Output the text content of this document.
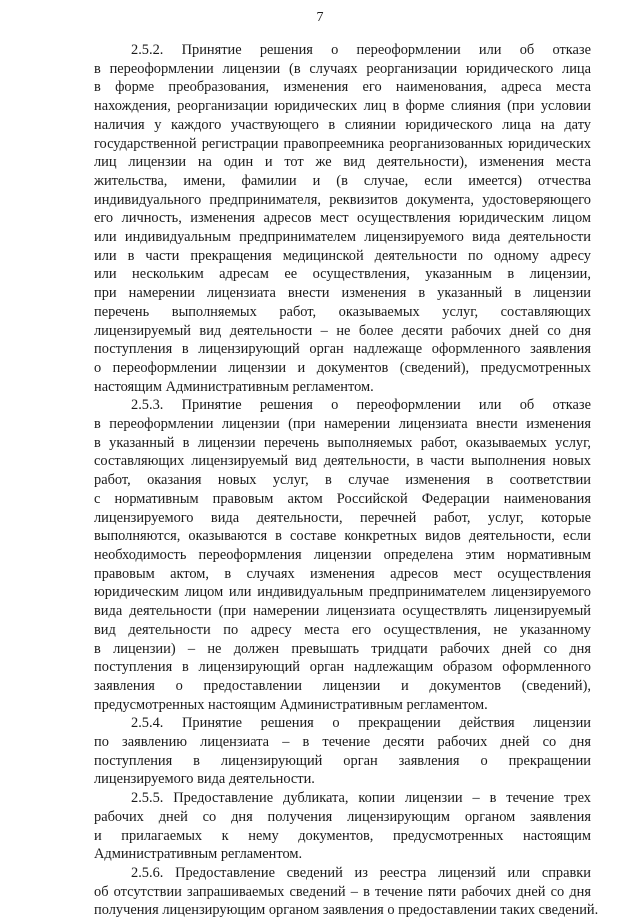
7
2.5.2. Принятие решения о переоформлении или об отказе
в переоформлении лицензии (в случаях реорганизации юридического лица
в форме преобразования, изменения его наименования, адреса места
нахождения, реорганизации юридических лиц в форме слияния (при условии
наличия у каждого участвующего в слиянии юридического лица на дату
государственной регистрации правопреемника реорганизованных юридических
лиц лицензии на один и тот же вид деятельности), изменения места
жительства, имени, фамилии и (в случае, если имеется) отчества
индивидуального предпринимателя, реквизитов документа, удостоверяющего
его личность, изменения адресов мест осуществления юридическим лицом
или индивидуальным предпринимателем лицензируемого вида деятельности
или в части прекращения медицинской деятельности по одному адресу
или нескольким адресам ее осуществления, указанным в лицензии,
при намерении лицензиата внести изменения в указанный в лицензии
перечень выполняемых работ, оказываемых услуг, составляющих
лицензируемый вид деятельности – не более десяти рабочих дней со дня
поступления в лицензирующий орган надлежаще оформленного заявления
о переоформлении лицензии и документов (сведений), предусмотренных
настоящим Административным регламентом.
2.5.3. Принятие решения о переоформлении или об отказе
в переоформлении лицензии (при намерении лицензиата внести изменения
в указанный в лицензии перечень выполняемых работ, оказываемых услуг,
составляющих лицензируемый вид деятельности, в части выполнения новых
работ, оказания новых услуг, в случае изменения в соответствии
с нормативным правовым актом Российской Федерации наименования
лицензируемого вида деятельности, перечней работ, услуг, которые
выполняются, оказываются в составе конкретных видов деятельности, если
необходимость переоформления лицензии определена этим нормативным
правовым актом, в случаях изменения адресов мест осуществления
юридическим лицом или индивидуальным предпринимателем лицензируемого
вида деятельности (при намерении лицензиата осуществлять лицензируемый
вид деятельности по адресу места его осуществления, не указанному
в лицензии) – не должен превышать тридцати рабочих дней со дня
поступления в лицензирующий орган надлежащим образом оформленного
заявления о предоставлении лицензии и документов (сведений),
предусмотренных настоящим Административным регламентом.
2.5.4. Принятие решения о прекращении действия лицензии
по заявлению лицензиата – в течение десяти рабочих дней со дня
поступления в лицензирующий орган заявления о прекращении
лицензируемого вида деятельности.
2.5.5. Предоставление дубликата, копии лицензии – в течение трех
рабочих дней со дня получения лицензирующим органом заявления
и прилагаемых к нему документов, предусмотренных настоящим
Административным регламентом.
2.5.6. Предоставление сведений из реестра лицензий или справки
об отсутствии запрашиваемых сведений – в течение пяти рабочих дней со дня
получения лицензирующим органом заявления о предоставлении таких сведений.
